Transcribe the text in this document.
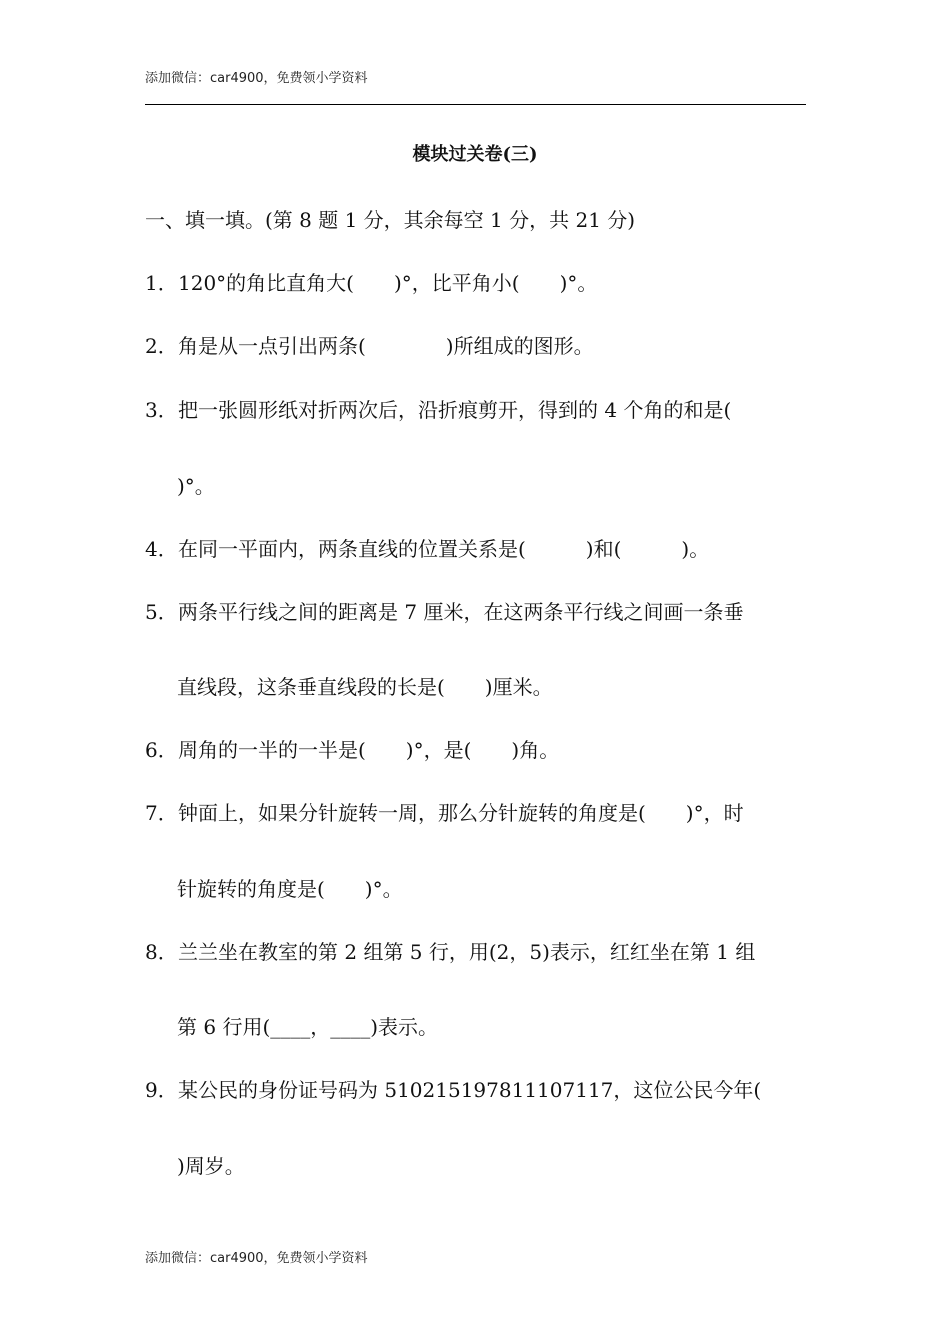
添加微信：car4900，免费领小学资料
模块过关卷(三)
一、填一填。(第 8 题 1 分，其余每空 1 分，共 21 分)
1．120°的角比直角大(　　)°，比平角小(　　)°。
2．角是从一点引出两条(　　　　)所组成的图形。
3．把一张圆形纸对折两次后，沿折痕剪开，得到的 4 个角的和是(
)°。
4．在同一平面内，两条直线的位置关系是(　　　)和(　　　)。
5．两条平行线之间的距离是 7 厘米，在这两条平行线之间画一条垂
直线段，这条垂直线段的长是(　　)厘米。
6．周角的一半的一半是(　　)°，是(　　)角。
7．钟面上，如果分针旋转一周，那么分针旋转的角度是(　　)°，时
针旋转的角度是(　　)°。
8．兰兰坐在教室的第 2 组第 5 行，用(2，5)表示，红红坐在第 1 组
第 6 行用(____，____)表示。
9．某公民的身份证号码为 510215197811107117，这位公民今年(
)周岁。
添加微信：car4900，免费领小学资料
